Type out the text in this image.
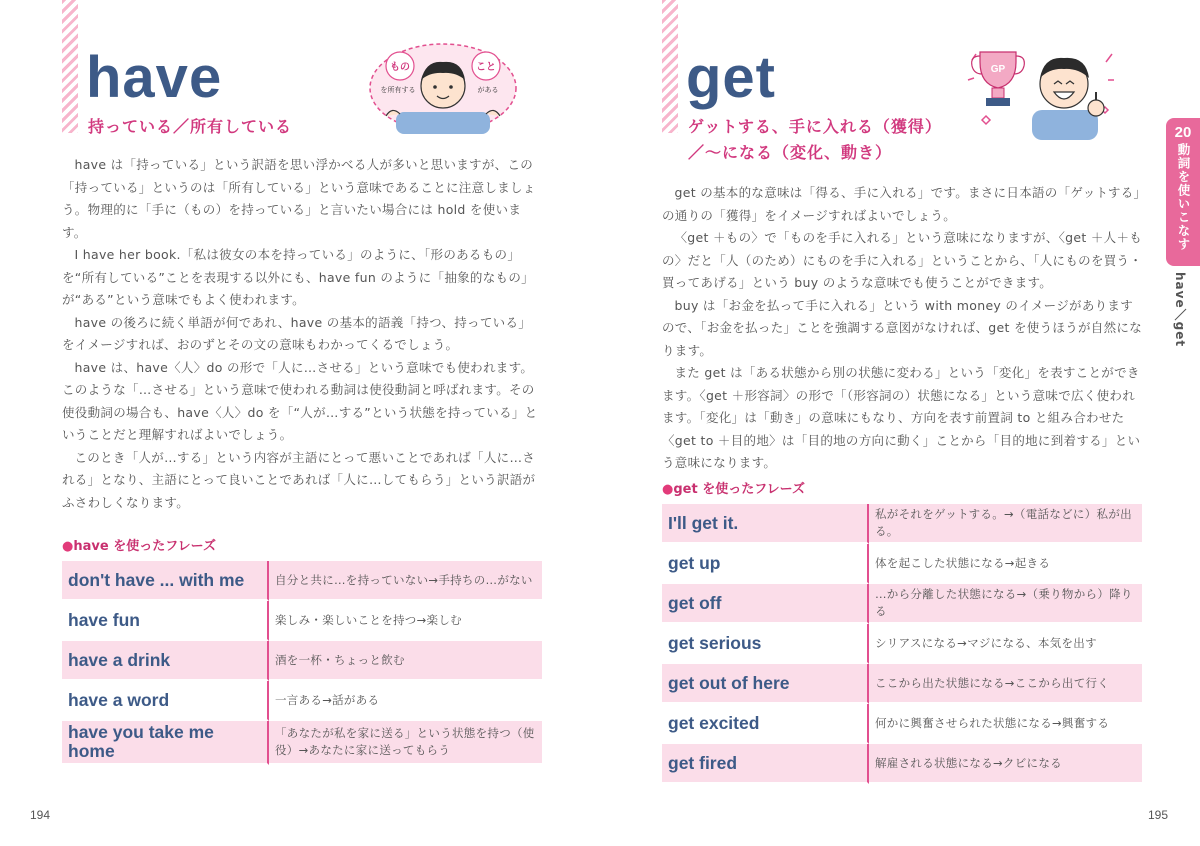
have
持っている／所有している
もの	こと
を所有する	がある

have は「持っている」という訳語を思い浮かべる人が多いと思いますが、この「持っている」というのは「所有している」という意味であることに注意しましょう。物理的に「手に（もの）を持っている」と言いたい場合には hold を使います。

I have her book.「私は彼女の本を持っている」のように、「形のあるもの」を“所有している”ことを表現する以外にも、have fun のように「抽象的なもの」が“ある”という意味でもよく使われます。

have の後ろに続く単語が何であれ、have の基本的語義「持つ、持っている」をイメージすれば、おのずとその文の意味もわかってくるでしょう。

have は、have〈人〉do の形で「人に…させる」という意味でも使われます。このような「…させる」という意味で使われる動詞は使役動詞と呼ばれます。その使役動詞の場合も、have〈人〉do を「“人が…する”という状態を持っている」ということだと理解すればよいでしょう。

このとき「人が…する」という内容が主語にとって悪いことであれば「人に…される」となり、主語にとって良いことであれば「人に…してもらう」という訳語がふさわしくなります。

●have を使ったフレーズ
don't have ... with me	自分と共に…を持っていない→手持ちの…がない
have fun	楽しみ・楽しいことを持つ→楽しむ
have a drink	酒を一杯・ちょっと飲む
have a word	一言ある→話がある
have you take me home	「あなたが私を家に送る」という状態を持つ（使役）→あなたに家に送ってもらう
194
get
ゲットする、手に入れる（獲得）
／〜になる（変化、動き）
GP

get の基本的な意味は「得る、手に入れる」です。まさに日本語の「ゲットする」の通りの「獲得」をイメージすればよいでしょう。

〈get ＋もの〉で「ものを手に入れる」という意味になりますが、〈get ＋人＋もの〉だと「人（のため）にものを手に入れる」ということから、「人にものを買う・買ってあげる」という buy のような意味でも使うことができます。

buy は「お金を払って手に入れる」という with money のイメージがありますので、「お金を払った」ことを強調する意図がなければ、get を使うほうが自然になります。

また get は「ある状態から別の状態に変わる」という「変化」を表すことができます。〈get ＋形容詞〉の形で「（形容詞の）状態になる」という意味で広く使われます。「変化」は「動き」の意味にもなり、方向を表す前置詞 to と組み合わせた〈get to ＋目的地〉は「目的地の方向に動く」ことから「目的地に到着する」という意味になります。

●get を使ったフレーズ
I'll get it.	私がそれをゲットする。→（電話などに）私が出る。
get up	体を起こした状態になる→起きる
get off	…から分離した状態になる→（乗り物から）降りる
get serious	シリアスになる→マジになる、本気を出す
get out of here	ここから出た状態になる→ここから出て行く
get excited	何かに興奮させられた状態になる→興奮する
get fired	解雇される状態になる→クビになる
195
20
動詞を使いこなす
have／get
